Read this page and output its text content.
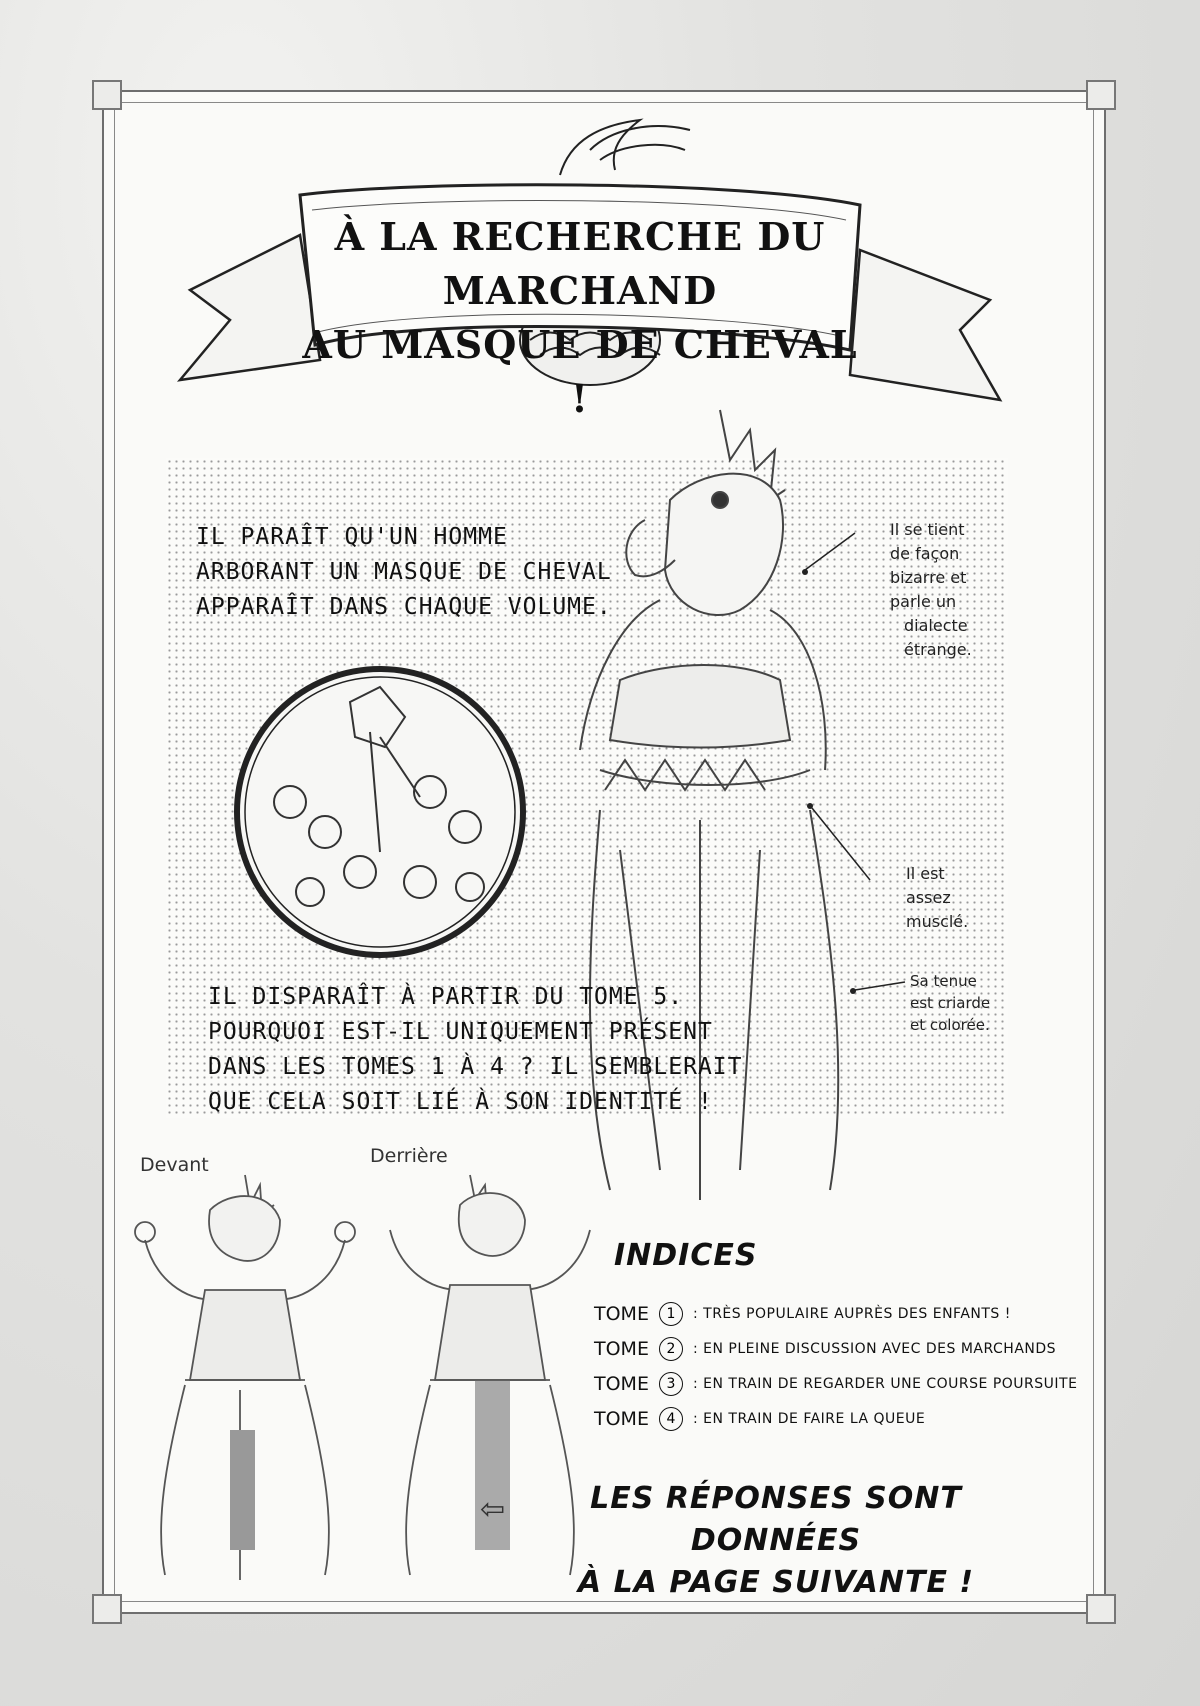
À LA RECHERCHE DU MARCHAND
AU MASQUE DE CHEVAL !
IL PARAÎT QU'UN HOMME
ARBORANT UN MASQUE DE CHEVAL
APPARAÎT DANS CHAQUE VOLUME.
Il se tient
de façon
bizarre et
parle un
dialecte
étrange.
Il est
assez
musclé.
Sa tenue
est criarde
et colorée.
IL DISPARAÎT À PARTIR DU TOME 5.
POURQUOI EST-IL UNIQUEMENT PRÉSENT
DANS LES TOMES 1 À 4 ? IL SEMBLERAIT
QUE CELA SOIT LIÉ À SON IDENTITÉ !
Devant	Derrière
INDICES
TOME	1	: TRÈS POPULAIRE AUPRÈS DES ENFANTS !
TOME	2	: EN PLEINE DISCUSSION AVEC DES MARCHANDS
TOME	3	: EN TRAIN DE REGARDER UNE COURSE POURSUITE
TOME	4	: EN TRAIN DE FAIRE LA QUEUE
⇦	LES RÉPONSES SONT DONNÉES
À LA PAGE SUIVANTE !
